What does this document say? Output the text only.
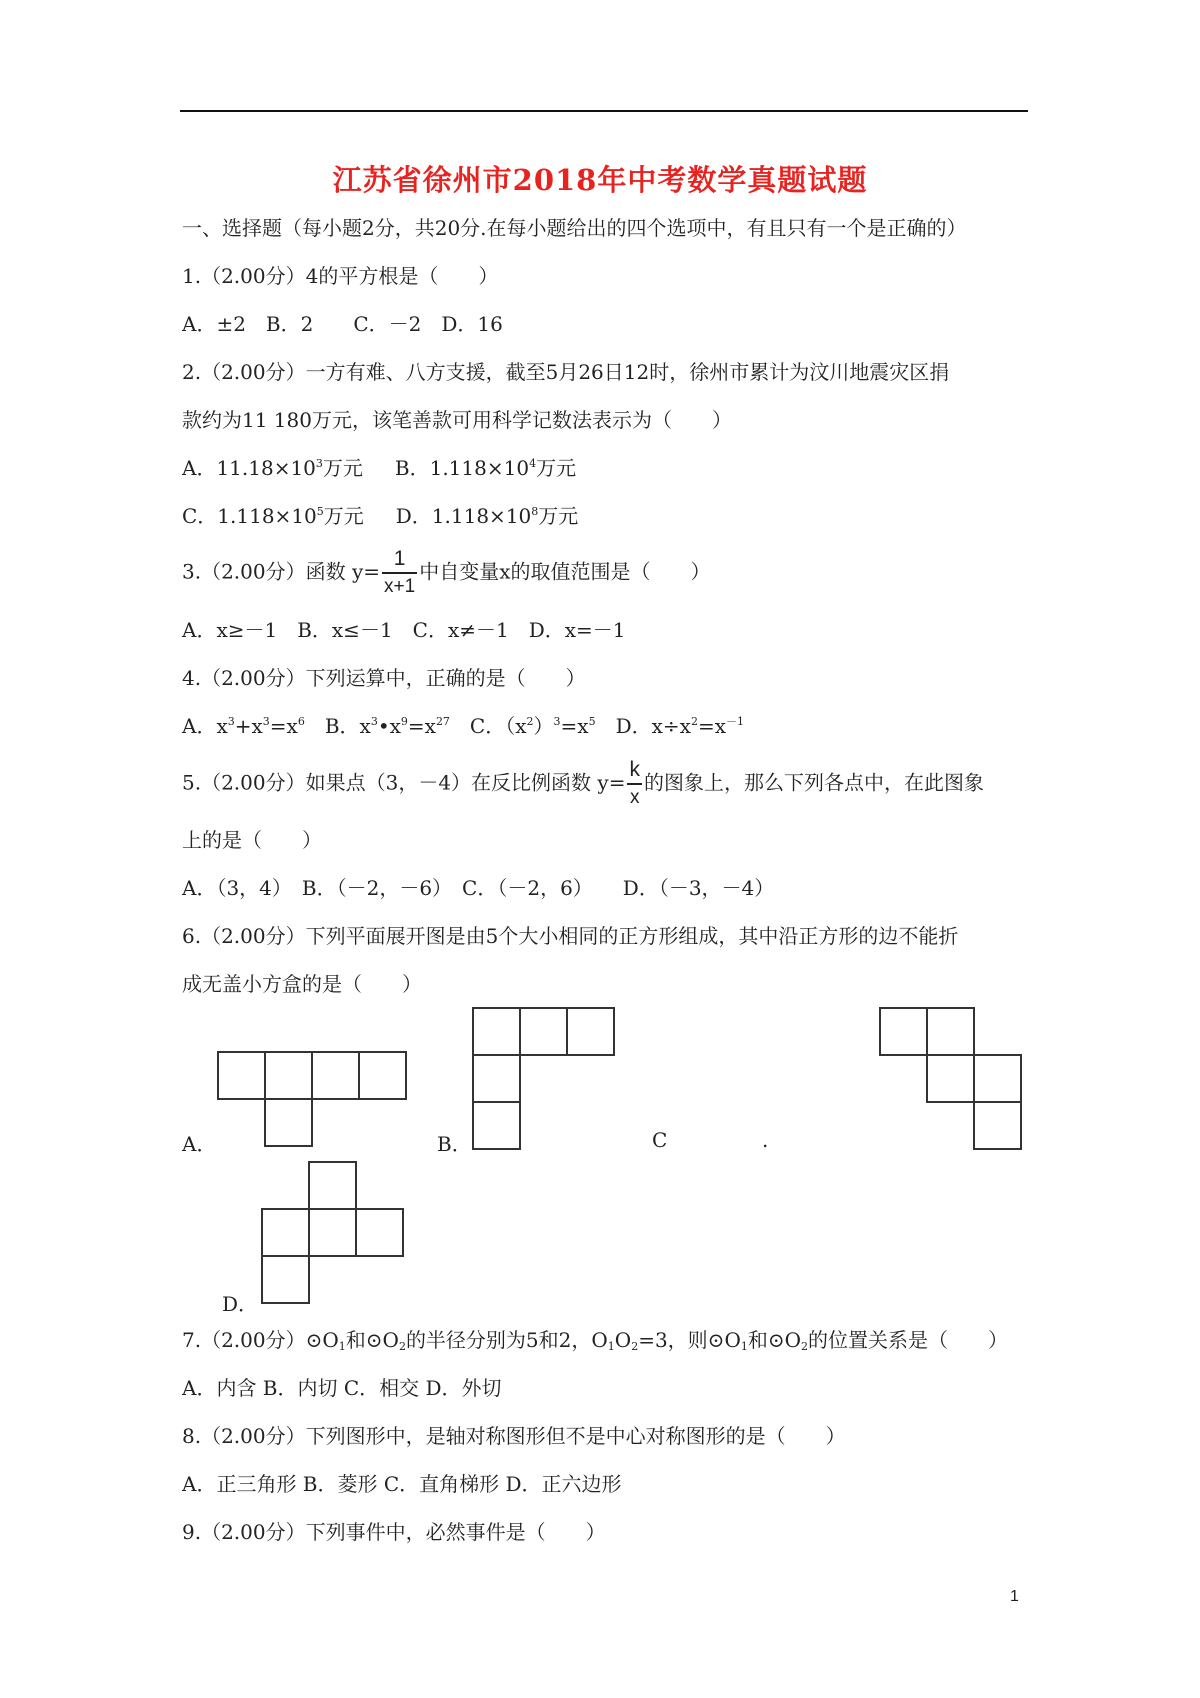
江苏省徐州市2018年中考数学真题试题
一、选择题（每小题2分，共20分.在每小题给出的四个选项中，有且只有一个是正确的）
1.（2.00分）4的平方根是（　　）
A．±2　B．2　　C．－2　D．16
2.（2.00分）一方有难、八方支援，截至5月26日12时，徐州市累计为汶川地震灾区捐
款约为11 180万元，该笔善款可用科学记数法表示为（　　）
A．$11.18\times 10^3$万元 B．$1.118\times 10^4$万元
C．$1.118\times 10^5$万元 D．$1.118\times 10^8$万元
3.（2.00分）函数 $y= \frac{1}{x+1}$ 中自变量x的取值范围是（　　）
A．x≥－1　B．x≤－1　C．x≠－1　D．x=－1
4.（2.00分）下列运算中，正确的是（　　）
A．$x^3+x^3=x^6$　B．$x^3•x^9=x^{27}$　C．$(x^2)^3=x^5$　D．$x\div x^2=x^{-1}$
5.（2.00分）如果点（3，－4）在反比例函数 $y= \frac{k}{x}$ 的图象上，那么下列各点中，在此图象
上的是（　　）
A．（3，4）　B．（－2，－6）　C．（－2，6）　　D．（－3，－4）
6.（2.00分）下列平面展开图是由5个大小相同的正方形组成，其中沿正方形的边不能折
成无盖小方盒的是（　　）
A．	B．	C	.
D．
7.（2.00分）$⊙O_1$和$⊙O_2$的半径分别为5和2，$O_1O_2=3$，则$⊙O_1$和$⊙O_2$的位置关系是（　　）
A．内含 B．内切 C．相交 D．外切
8.（2.00分）下列图形中，是轴对称图形但不是中心对称图形的是（　　）
A．正三角形 B．菱形 C．直角梯形 D．正六边形
9.（2.00分）下列事件中，必然事件是（　　）
1
